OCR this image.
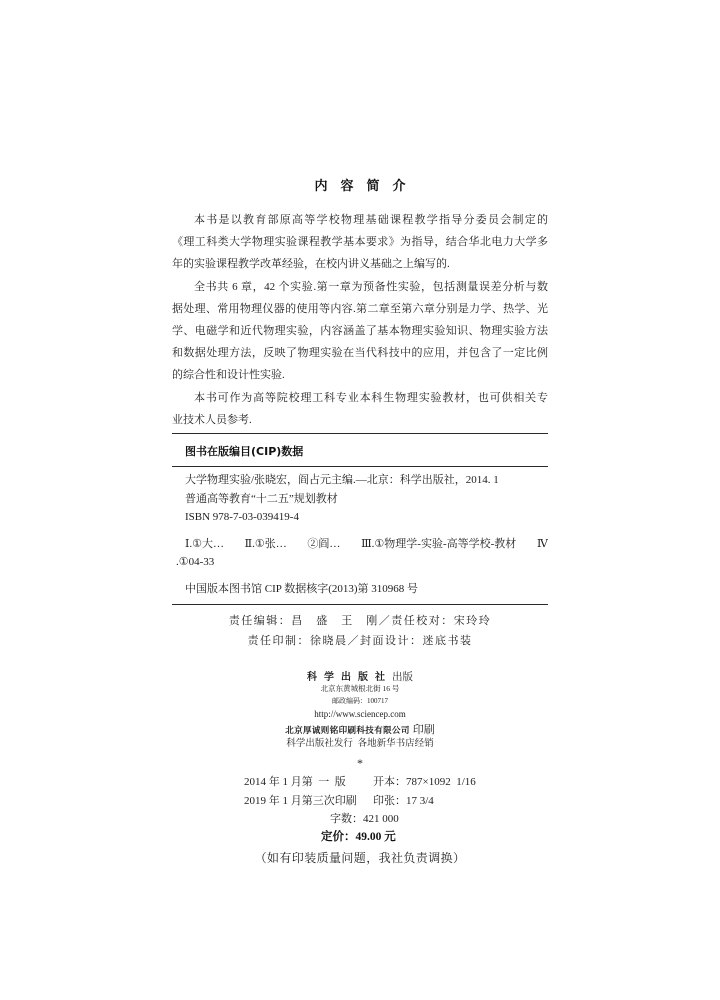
内容简介
本书是以教育部原高等学校物理基础课程教学指导分委员会制定的
《理工科类大学物理实验课程教学基本要求》为指导，结合华北电力大学多
年的实验课程教学改革经验，在校内讲义基础之上编写的.
全书共 6 章，42 个实验.第一章为预备性实验，包括测量误差分析与数
据处理、常用物理仪器的使用等内容.第二章至第六章分别是力学、热学、光
学、电磁学和近代物理实验，内容涵盖了基本物理实验知识、物理实验方法
和数据处理方法，反映了物理实验在当代科技中的应用，并包含了一定比例
的综合性和设计性实验.
本书可作为高等院校理工科专业本科生物理实验教材，也可供相关专
业技术人员参考.
图书在版编目(CIP)数据
大学物理实验/张晓宏，阎占元主编.—北京：科学出版社，2014. 1
普通高等教育“十二五”规划教材
ISBN 978-7-03-039419-4
Ⅰ.①大… Ⅱ.①张… ②阎… Ⅲ.①物理学-实验-高等学校-教材 Ⅳ
.①04-33
中国版本图书馆 CIP 数据核字(2013)第 310968 号
责任编辑：昌　盛　王　刚／责任校对：宋玲玲
责任印制：徐晓晨／封面设计：迷底书装
科学出版社出版
北京东黄城根北街 16 号
邮政编码：100717
http://www.sciencep.com
北京厚诚则铭印刷科技有限公司 印刷
科学出版社发行  各地新华书店经销
*
2014 年 1 月第  一  版	开本：787×1092  1/16
2019 年 1 月第三次印刷	印张：17 3/4
字数：421 000
定价：49.00 元
（如有印装质量问题，我社负责调换）
